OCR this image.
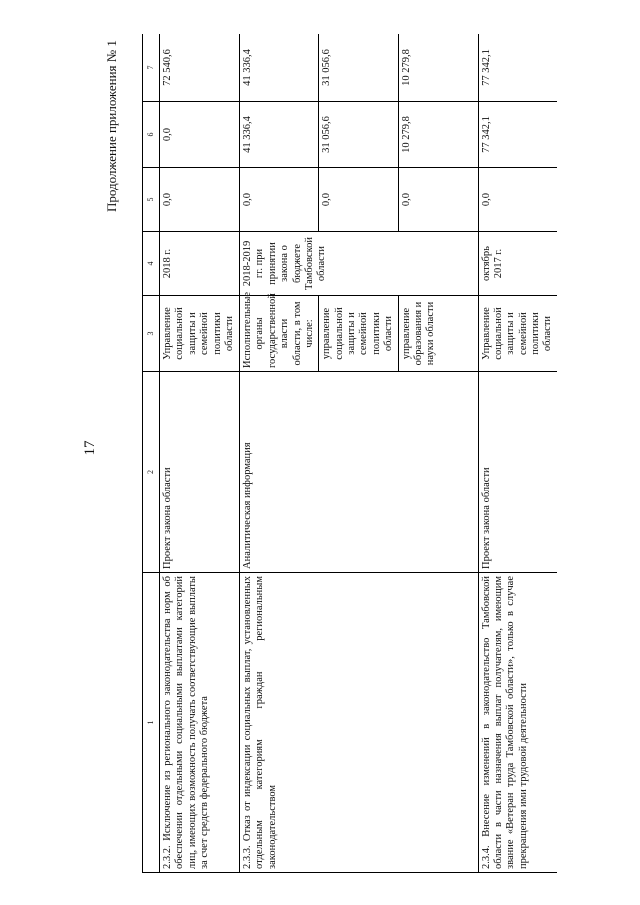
17
Продолжение приложения № 1
1	2	3	4	5	6	7
2.3.2. Исключение из регионального законодательства норм об обеспечении отдельными социальными выплатами категорий лиц, имеющих возможность получать соответствующие выплаты за счет средств федерального бюджета	Проект закона области	Управление социальной защиты и семейной политики области	2018 г.	0,0	0,0	72 540,6
2.3.3. Отказ от индексации социальных выплат, установленных отдельным категориям граждан региональным законодательством	Аналитическая информация	Исполнительные органы государственной власти области, в том числе:	2018-2019 гг. при принятии закона о бюджете Тамбовской области	0,0	41 336,4	41 336,4
		управление социальной защиты и семейной политики области		0,0	31 056,6	31 056,6
		управление образования и науки области		0,0	10 279,8	10 279,8
2.3.4. Внесение изменений в законодательство Тамбовской области в части назначения выплат получателям, имеющим звание «Ветеран труда Тамбовской области», только в случае прекращения ими трудовой деятельности	Проект закона области	Управление социальной защиты и семейной политики области	октябрь 2017 г.	0,0	77 342,1	77 342,1
